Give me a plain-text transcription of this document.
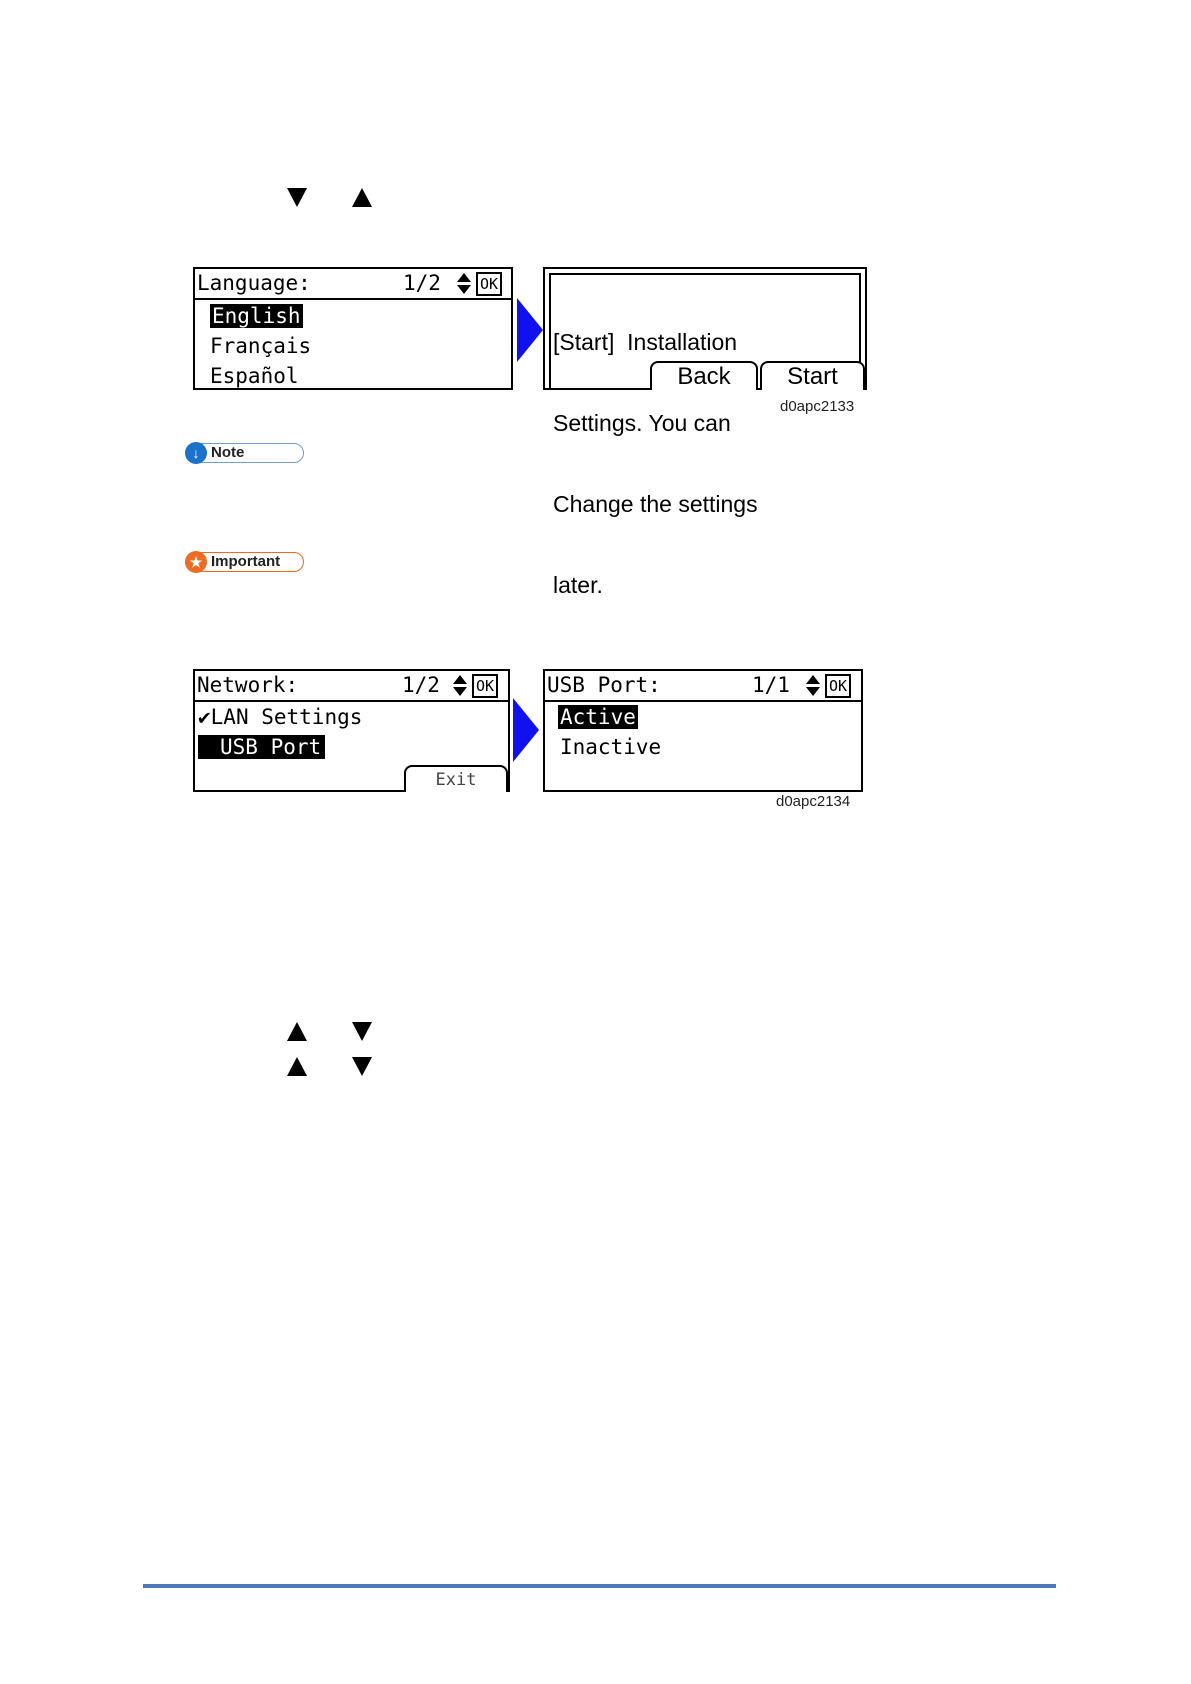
Language:	1/2	OK
English
Français
Español

[Start]  Installation

Settings. You can

Change the settings

later.

Back	Start
d0apc2133
↓ Note
★ Important
Network:	1/2 OK
✔LAN Settings
USB Port
Exit
USB Port:	1/1	OK
Active
Inactive
d0apc2134
